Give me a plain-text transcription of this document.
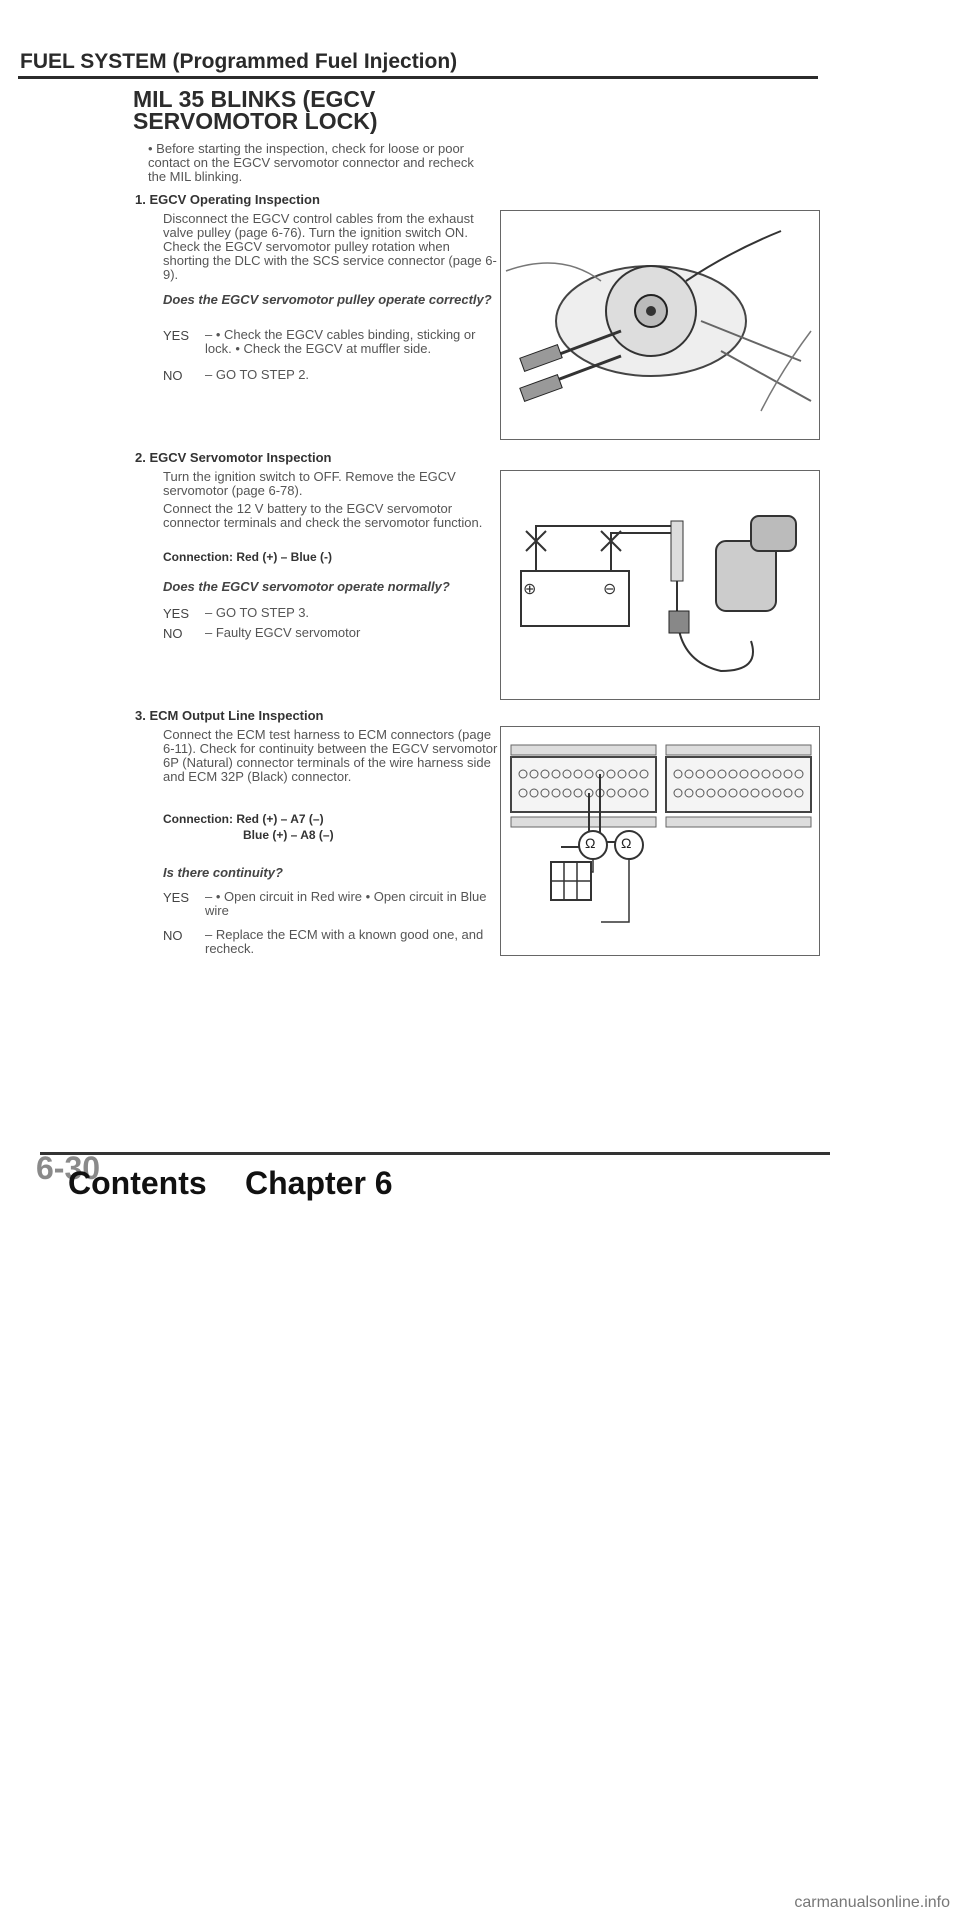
FUEL SYSTEM (Programmed Fuel Injection)
MIL 35 BLINKS (EGCV SERVOMOTOR LOCK)
• Before starting the inspection, check for loose or poor contact on the EGCV servomotor connector and recheck the MIL blinking.
1. EGCV Operating Inspection
Disconnect the EGCV control cables from the exhaust valve pulley (page 6-76). Turn the ignition switch ON. Check the EGCV servomotor pulley rotation when shorting the DLC with the SCS service connector (page 6-9).
Does the EGCV servomotor pulley operate correctly?
YES – • Check the EGCV cables binding, sticking or lock. • Check the EGCV at muffler side.
NO – GO TO STEP 2.
2. EGCV Servomotor Inspection
Turn the ignition switch to OFF. Remove the EGCV servomotor (page 6-78).
Connect the 12 V battery to the EGCV servomotor connector terminals and check the servomotor function.
Connection: Red (+) – Blue (-)
Does the EGCV servomotor operate normally?
YES – GO TO STEP 3.
NO – Faulty EGCV servomotor
⊕	⊖
3. ECM Output Line Inspection
Connect the ECM test harness to ECM connectors (page 6-11). Check for continuity between the EGCV servomotor 6P (Natural) connector terminals of the wire harness side and ECM 32P (Black) connector.
Connection: Red (+) – A7 (–)
Blue (+) – A8 (–)
Is there continuity?
YES – • Open circuit in Red wire • Open circuit in Blue wire
NO – Replace the ECM with a known good one, and recheck.
Ω Ω
6-30
Contents Chapter 6
carmanualsonline.info
